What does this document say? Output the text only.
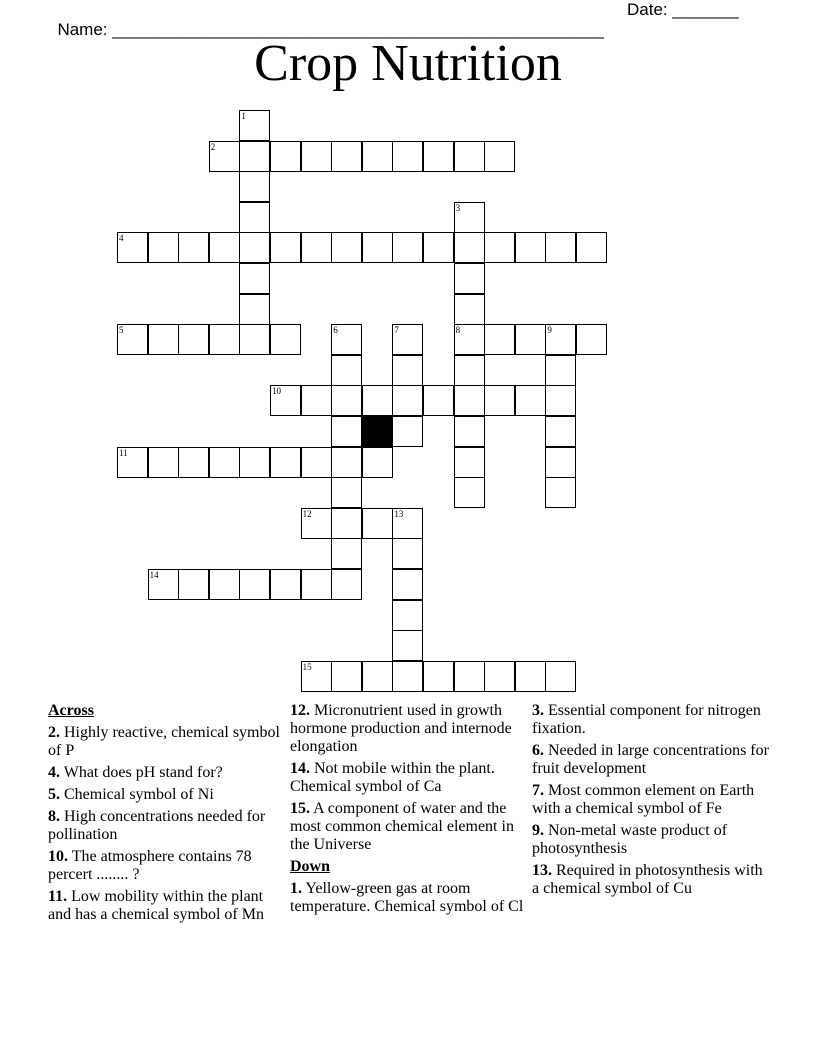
Name: ____________________________________________________

Date: _______

Crop Nutrition
1
2
3
4
5	6	7	8	9
10
11
12	13
14
15
Across
2. Highly reactive, chemical symbol of P
4. What does pH stand for?
5. Chemical symbol of Ni
8. High concentrations needed for pollination
10. The atmosphere contains 78 percert ........ ?
11. Low mobility within the plant and has a chemical symbol of Mn
12. Micronutrient used in growth hormone production and internode elongation
14. Not mobile within the plant. Chemical symbol of Ca
15. A component of water and the most common chemical element in the Universe
Down
1. Yellow-green gas at room temperature. Chemical symbol of Cl
3. Essential component for nitrogen fixation.
6. Needed in large concentrations for fruit development
7. Most common element on Earth with a chemical symbol of Fe
9. Non-metal waste product of photosynthesis
13. Required in photosynthesis with a chemical symbol of Cu
